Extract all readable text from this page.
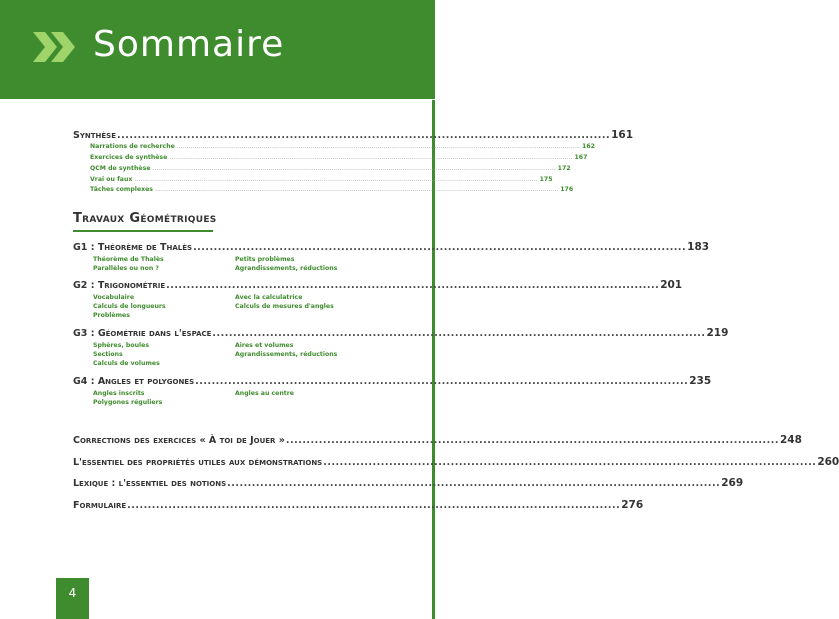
Sommaire
Synthèse ........................................................................................................................ 161
Narrations de recherche ............................................................................................................................................................................................................. 162
Exercices de synthèse ............................................................................................................................................................................................................. 167
QCM de synthèse ............................................................................................................................................................................................................. 172
Vrai ou faux ............................................................................................................................................................................................................. 175
Tâches complexes ............................................................................................................................................................................................................. 176
Travaux Géométriques
G1 : Théorème de Thalès ........................................................................................................................ 183
Théorème de Thalès
Parallèles ou non ?
Petits problèmes
Agrandissements, réductions
G2 : Trigonométrie ........................................................................................................................ 201
Vocabulaire
Calculs de longueurs
Problèmes
Avec la calculatrice
Calculs de mesures d'angles
G3 : Géométrie dans l'espace ........................................................................................................................ 219
Sphères, boules
Sections
Calculs de volumes
Aires et volumes
Agrandissements, réductions
G4 : Angles et polygones ........................................................................................................................ 235
Angles inscrits
Polygones réguliers
Angles au centre
Corrections des exercices « À toi de Jouer » ........................................................................................................................ 248
L'essentiel des propriétés utiles aux démonstrations ........................................................................................................................ 260
Lexique : l'essentiel des notions ........................................................................................................................ 269
Formulaire ........................................................................................................................ 276
4
